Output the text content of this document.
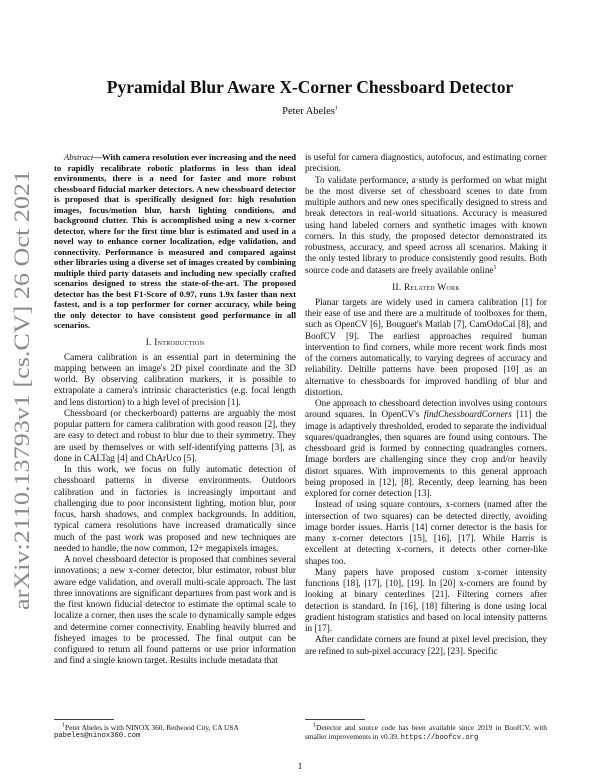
arXiv:2110.13793v1 [cs.CV] 26 Oct 2021
Pyramidal Blur Aware X-Corner Chessboard Detector
Peter Abeles$^1$

Abstract—With camera resolution ever increasing and the need to rapidly recalibrate robotic platforms in less than ideal environments, there is a need for faster and more robust chessboard fiducial marker detectors. A new chessboard detector is proposed that is specifically designed for: high resolution images, focus/motion blur, harsh lighting conditions, and background clutter. This is accomplished using a new x-corner detector, where for the first time blur is estimated and used in a novel way to enhance corner localization, edge validation, and connectivity. Performance is measured and compared against other libraries using a diverse set of images created by combining multiple third party datasets and including new specially crafted scenarios designed to stress the state-of-the-art. The proposed detector has the best F1-Score of 0.97, runs 1.9x faster than next fastest, and is a top performer for corner accuracy, while being the only detector to have consistent good performance in all scenarios.

I. Introduction

Camera calibration is an essential part in determining the mapping between an image's 2D pixel coordinate and the 3D world. By observing calibration markers, it is possible to extrapolate a camera's intrinsic characteristics (e.g. focal length and lens distortion) to a high level of precision [1].

Chessboard (or checkerboard) patterns are arguably the most popular pattern for camera calibration with good reason [2], they are easy to detect and robust to blur due to their symmetry. They are used by themselves or with self-identifying patterns [3], as done in CALTag [4] and ChArUco [5].

In this work, we focus on fully automatic detection of chessboard patterns in diverse environments. Outdoors calibration and in factories is increasingly important and challenging due to poor inconsistent lighting, motion blur, poor focus, harsh shadows, and complex backgrounds. In addition, typical camera resolutions have increased dramatically since much of the past work was proposed and new techniques are needed to handle, the now common, 12+ megapixels images.

A novel chessboard detector is proposed that combines several innovations; a new x-corner detector, blur estimator, robust blur aware edge validation, and overall multi-scale approach. The last three innovations are significant departures from past work and is the first known fiducial detector to estimate the optimal scale to localize a corner, then uses the scale to dynamically sample edges and determine corner connectivity. Enabling heavily blurred and fisheyed images to be processed. The final output can be configured to return all found patterns or use prior information and find a single known target. Results include metadata that

is useful for camera diagnostics, autofocus, and estimating corner precision.

To validate performance, a study is performed on what might be the most diverse set of chessboard scenes to date from multiple authors and new ones specifically designed to stress and break detectors in real-world situations. Accuracy is measured using hand labeled corners and synthetic images with known corners. In this study, the proposed detector demonstrated its robustness, accuracy, and speed across all scenarios. Making it the only tested library to produce consistently good results. Both source code and datasets are freely available online$^1$

II. Related Work

Planar targets are widely used in camera calibration [1] for their ease of use and there are a multitude of toolboxes for them, such as OpenCV [6], Bouguet's Matlab [7], CamOdoCal [8], and BoofCV [9]. The earliest approaches required human intervention to find corners, while more recent work finds most of the corners automatically, to varying degrees of accuracy and reliability. Deltille patterns have been proposed [10] as an alternative to chessboards for improved handling of blur and distortion.

One approach to chessboard detection involves using contours around squares. In OpenCV's findChessboardCorners [11] the image is adaptively thresholded, eroded to separate the individual squares/quadrangles, then squares are found using contours. The chessboard grid is formed by connecting quadrangles corners. Image borders are challenging since they crop and/or heavily distort squares. With improvements to this general approach being proposed in [12], [8]. Recently, deep learning has been explored for corner detection [13].

Instead of using square contours, x-corners (named after the intersection of two squares) can be detected directly, avoiding image border issues. Harris [14] corner detector is the basis for many x-corner detectors [15], [16], [17]. While Harris is excellent at detecting x-corners, it detects other corner-like shapes too.

Many papers have proposed custom x-corner intensity functions [18], [17], [10], [19]. In [20] x-corners are found by looking at binary centerlines [21]. Filtering corners after detection is standard. In [16], [18] filtering is done using local gradient histogram statistics and based on local intensity patterns in [17].

After candidate corners are found at pixel level precision, they are refined to sub-pixel accuracy [22], [23]. Specific

$^1$Peter Abeles is with NINOX 360, Redwood City, CA USA

pabeles@ninox360.com

$^1$Detector and source code has been available since 2019 in BoofCV, with smaller improvements in v0.39. https://boofcv.org

1
